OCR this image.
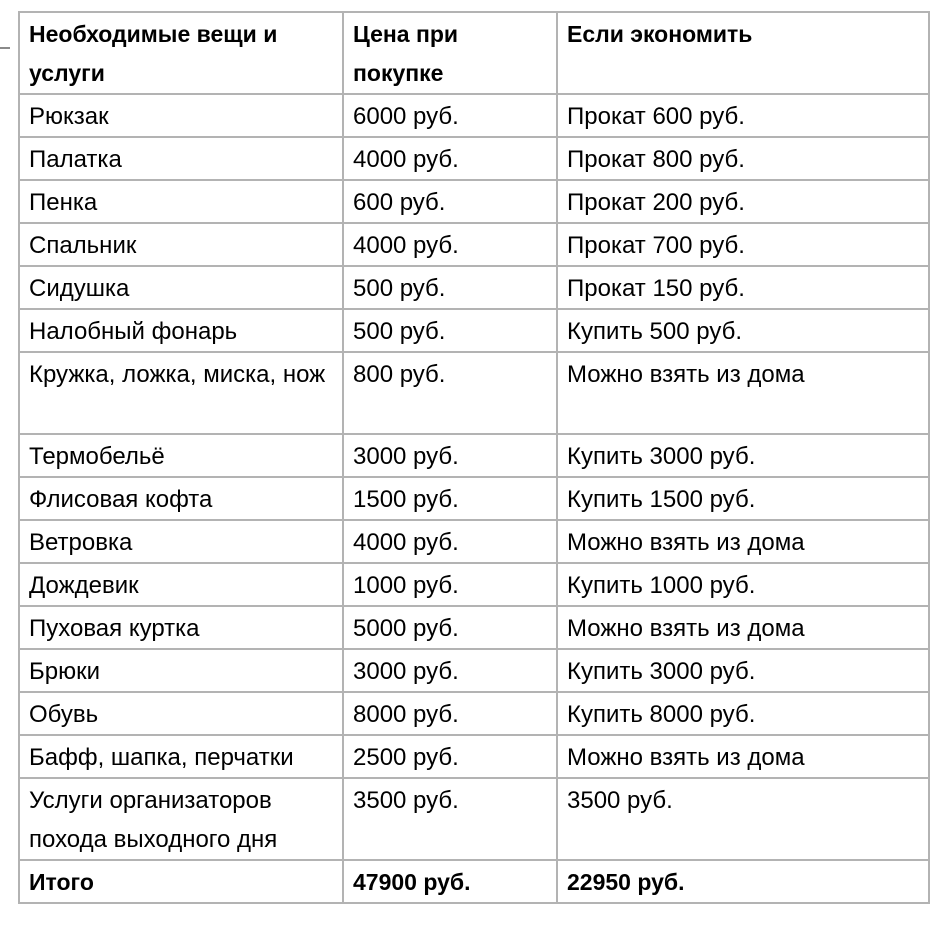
Необходимые вещи и услуги	Цена при покупке	Если экономить
Рюкзак	6000 руб.	Прокат 600 руб.
Палатка	4000 руб.	Прокат 800 руб.
Пенка	600 руб.	Прокат 200 руб.
Спальник	4000 руб.	Прокат 700 руб.
Сидушка	500 руб.	Прокат 150 руб.
Налобный фонарь	500 руб.	Купить 500 руб.
Кружка, ложка, миска, нож	800 руб.	Можно взять из дома
Термобельё	3000 руб.	Купить 3000 руб.
Флисовая кофта	1500 руб.	Купить 1500 руб.
Ветровка	4000 руб.	Можно взять из дома
Дождевик	1000 руб.	Купить 1000 руб.
Пуховая куртка	5000 руб.	Можно взять из дома
Брюки	3000 руб.	Купить 3000 руб.
Обувь	8000 руб.	Купить 8000 руб.
Бафф, шапка, перчатки	2500 руб.	Можно взять из дома
Услуги организаторов похода выходного дня	3500 руб.	3500 руб.
Итого	47900 руб.	22950 руб.
